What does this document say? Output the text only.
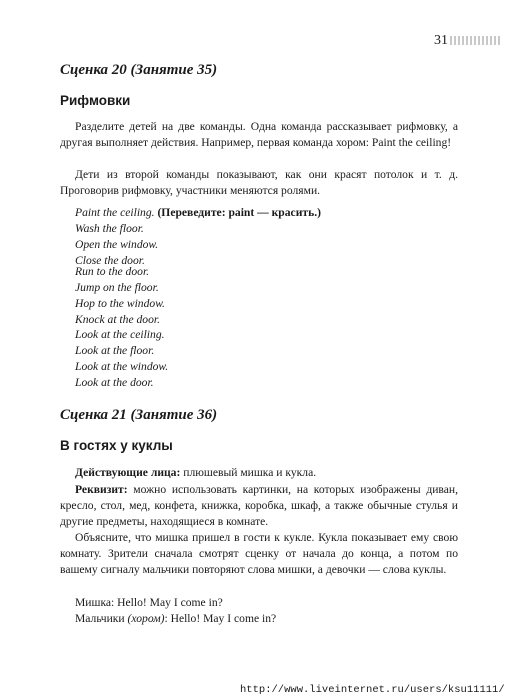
31
Сценка 20 (Занятие 35)
Рифмовки

Разделите детей на две команды. Одна команда рассказывает рифмовку, а другая выполняет действия. Например, первая команда хором: Paint the ceiling!

Дети из второй команды показывают, как они красят потолок и т. д. Проговорив рифмовку, участники меняются ролями.

Paint the ceiling. (Переведите: paint — красить.)
Wash the floor.
Open the window.
Close the door.
Run to the door.
Jump on the floor.
Hop to the window.
Knock at the door.
Look at the ceiling.
Look at the floor.
Look at the window.
Look at the door.
Сценка 21 (Занятие 36)
В гостях у куклы

Действующие лица: плюшевый мишка и кукла.

Реквизит: можно использовать картинки, на которых изображены диван, кресло, стол, мед, конфета, книжка, коробка, шкаф, а также обычные стулья и другие предметы, находящиеся в комнате.

Объясните, что мишка пришел в гости к кукле. Кукла показывает ему свою комнату. Зрители сначала смотрят сценку от начала до конца, а потом по вашему сигналу мальчики повторяют слова мишки, а девочки — слова куклы.

Мишка: Hello! May I come in?
Мальчики (хором): Hello! May I come in?
http://www.liveinternet.ru/users/ksu11111/
